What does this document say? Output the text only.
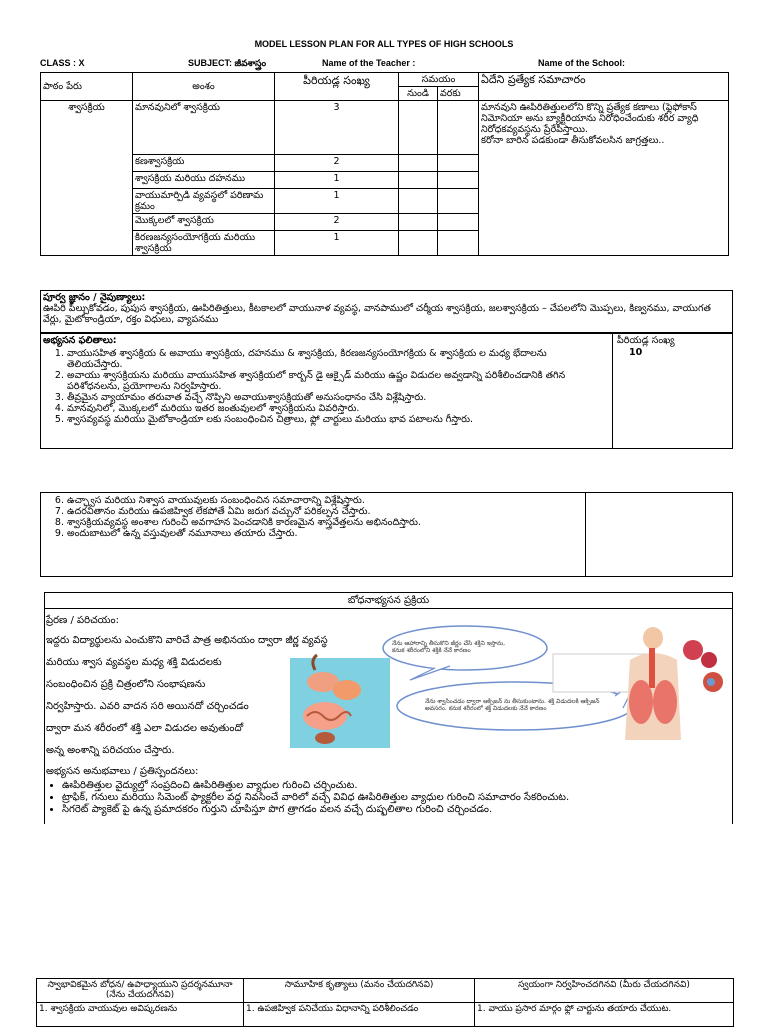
MODEL LESSON PLAN FOR ALL TYPES OF HIGH SCHOOLS
CLASS : X	SUBJECT: జీవశాస్త్రం	Name of the Teacher :	Name of the School:
పాఠం పేరు	అంశం	పీరియడ్ల సంఖ్య	సమయం		ఏదేని ప్రత్యేక సమాచారం
			నుండి	వరకు	
శ్వాసక్రియ	మానవునిలో శ్వాసక్రియ	3			మానవుని ఊపిరితిత్తులలోని కొన్ని ప్రత్యేక కణాలు (ఫ్లెఫోకాస్ నిమోనియా అను బ్యాక్టీరియాను నిరోధించేందుకు శరీర వ్యాధి నిరోధకవ్యవస్థను ప్రేరేపిస్తాయి.
కరోనా బారిన పడకుండా తీసుకోవలసిన జాగ్రత్తలు..

	కణశ్వాసక్రియ	2			
	శ్వాసక్రియ మరియు దహనము	1			
	వాయుమార్పిడి వ్యవస్థలో పరిణామ క్రమం	1			
	మొక్కలలో శ్వాసక్రియ	2			
	కిరణజన్యసంయోగక్రియ మరియు శ్వాసక్రియ	1			
పూర్వ జ్ఞానం / నైపుణ్యాలు:
ఊపిరి పీల్చుకోవడం, పుపుస శ్వాసక్రియ, ఊపిరితిత్తులు, కీటకాలలో వాయునాళ వ్యవస్థ, వానపాములో చర్మీయ శ్వాసక్రియ, జలశ్వాసక్రియ – చేపలలోని మొప్పలు, కిణ్వనము, వాయుగత వేర్లు, మైటోకాండ్రియా, రక్తం విధులు, వ్యాపనము
అభ్యసన ఫలితాలు:	పీరియడ్ల సంఖ్య
10
1. వాయుసహిత శ్వాసక్రియ & అవాయు శ్వాసక్రియ, దహనము & శ్వాసక్రియ, కిరణజన్యసంయోగక్రియ & శ్వాసక్రియ ల మధ్య భేదాలను తెలియచేస్తారు.
2. అవాయు శ్వాసక్రియను మరియు వాయుసహిత శ్వాసక్రియలో కార్బన్ డై ఆక్సైడ్ మరియు ఉష్ణం విడుదల అవ్వడాన్ని పరిశీలించడానికి తగిన పరిశోధనలను, ప్రయోగాలను నిర్వహిస్తారు.
3. తీవ్రమైన వ్యాయామం తరువాత వచ్చే నొప్పిని అవాయుశ్వాసక్రియతో అనుసంధానం చేసి విశ్లేషిస్తారు.
4. మానవునిలో, మొక్కలలో మరియు ఇతర జంతువులలో శ్వాసక్రియను వివరిస్తారు.
5. శ్వాసవ్యవస్థ మరియు మైటోకాండ్రియా లకు సంబంధించిన చిత్రాలు, ఫ్లో చార్టులు మరియు భావ పటాలను గీస్తారు.
6. ఉచ్ఛ్వాస మరియు నిశ్వాస వాయువులకు సంబంధించిన సమాచారాన్ని విశ్లేషిస్తారు.
7. ఉదరవితానం మరియు ఉపజిహ్విక లేకపోతే ఏమి జరుగ వచ్చునో పరికల్పన చేస్తారు.
8. శ్వాసక్రియవ్యవస్థ అంశాల గురించి అవగాహన పెంచడానికి కారణమైన శాస్త్రవేత్తలను అభినందిస్తారు.
9. అందుబాటులో ఉన్న వస్తువులతో నమూనాలు తయారు చేస్తారు.
బోధనాభ్యసన ప్రక్రియ
ప్రేరణ / పరిచయం:
ఇద్దరు విద్యార్థులను ఎంచుకొని వారిచే పాత్ర అభినయం ద్వారా జీర్ణ వ్యవస్థ
మరియు శ్వాస వ్యవస్థల మధ్య శక్తి విడుదలకు
సంబంధించిన ప్రక్రి చిత్రంలోని సంభాషణను
నిర్వహిస్తారు. ఎవరి వాదన సరి అయినదో చర్చించడం
ద్వారా మన శరీరంలో శక్తి ఎలా విడుదల అవుతుందో
అన్న అంశాన్ని పరిచయం చేస్తారు.
నేను ఆహారాన్ని తీసుకొని జీర్ణం చేసి శక్తిని ఇస్తాను, కనుక శరీరంలోని శక్తికి నేనే కారణం
నేను శ్వాసించడం ద్వారా ఆక్సిజన్ ను తీసుకుంటాను. శక్తి విడుదలకి ఆక్సిజన్ అవసరం. కనుక శరీరంలో శక్తి విడుదలకు నేనే కారణం
అభ్యసన అనుభవాలు / ప్రతిస్పందనలు:
• ఊపిరితిత్తుల వైద్యుల్తో సంప్రదించి ఊపిరితిత్తుల వ్యాధుల గురించి చర్చించుట.
• ట్రాఫిక్, గనులు మరియు సిమెంట్ ఫ్యాక్టరీల వద్ద నివసించే వారిలో వచ్చే వివిధ ఊపిరితిత్తుల వ్యాధుల గురించి సమాచారం సేకరించుట.
• సిగరెట్ ప్యాకెట్ పై ఉన్న ప్రమాదకరం గుర్తుని చూపిస్తూ పొగ త్రాగడం వలన వచ్చే దుష్ఫలితాల గురించి చర్చించడం.
స్వాభావికమైన బోధన/ ఉపాధ్యాయుని ప్రదర్శనమూనా (నేను చేయదగినవి)	సామూహిక కృత్యాలు (మనం చేయదగినవి)	స్వయంగా నిర్వహించదగినవి (మీరు చేయదగినవి)
1. శ్వాసక్రియ వాయువుల అవిష్కరణను	1. ఉపజిహ్విక పనిచేయు విధానాన్ని పరిశీలించడం	1. వాయు ప్రసార మార్గం ఫ్లో చార్టును తయారు చేయుట.
